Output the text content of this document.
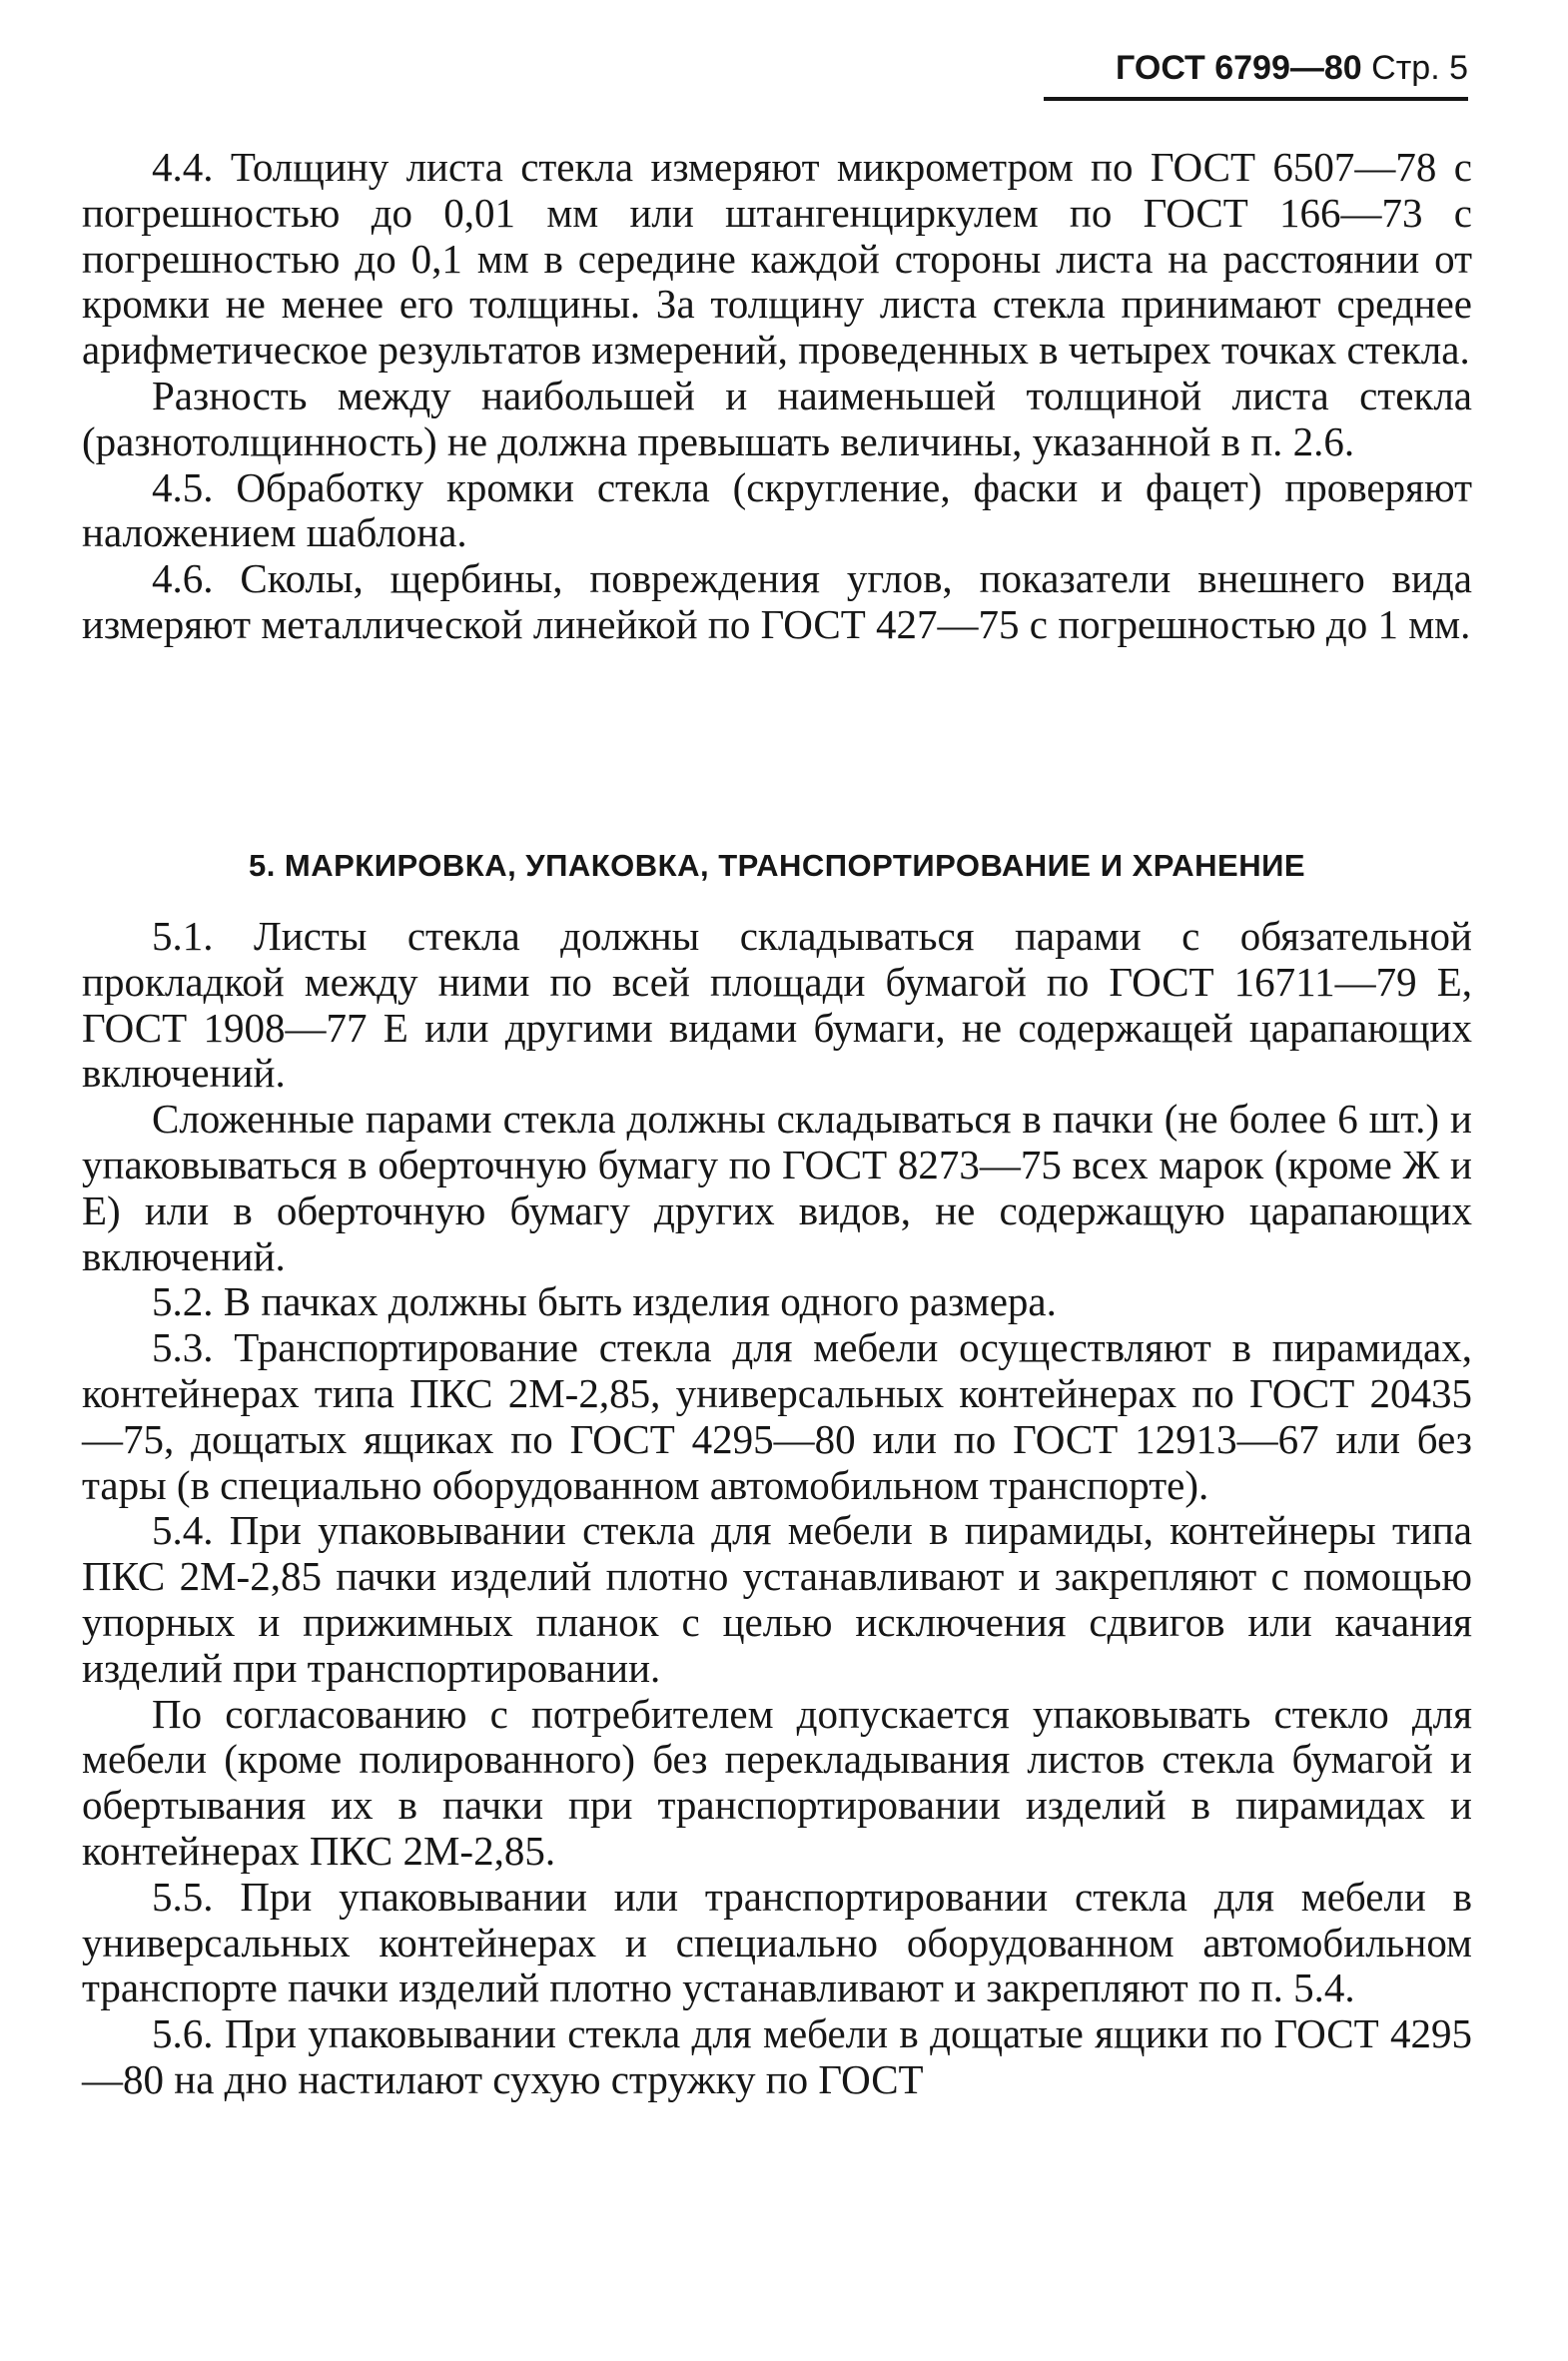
ГОСТ 6799—80 Стр. 5

4.4. Толщину листа стекла измеряют микрометром по ГОСТ 6507—78 с погрешностью до 0,01 мм или штангенциркулем по ГОСТ 166—73 с погрешностью до 0,1 мм в середине каждой стороны листа на расстоянии от кромки не менее его толщины. За толщину листа стекла принимают среднее арифметическое результатов измерений, проведенных в четырех точках стекла.

Разность между наибольшей и наименьшей толщиной листа стекла (разнотолщинность) не должна превышать величины, указанной в п. 2.6.

4.5. Обработку кромки стекла (скругление, фаски и фацет) проверяют наложением шаблона.

4.6. Сколы, щербины, повреждения углов, показатели внешнего вида измеряют металлической линейкой по ГОСТ 427—75 с погрешностью до 1 мм.

5. МАРКИРОВКА, УПАКОВКА, ТРАНСПОРТИРОВАНИЕ И ХРАНЕНИЕ

5.1. Листы стекла должны складываться парами с обязательной прокладкой между ними по всей площади бумагой по ГОСТ 16711—79 Е, ГОСТ 1908—77 Е или другими видами бумаги, не содержащей царапающих включений.

Сложенные парами стекла должны складываться в пачки (не более 6 шт.) и упаковываться в оберточную бумагу по ГОСТ 8273—75 всех марок (кроме Ж и Е) или в оберточную бумагу других видов, не содержащую царапающих включений.

5.2. В пачках должны быть изделия одного размера.

5.3. Транспортирование стекла для мебели осуществляют в пирамидах, контейнерах типа ПКС 2М-2,85, универсальных контейнерах по ГОСТ 20435—75, дощатых ящиках по ГОСТ 4295—80 или по ГОСТ 12913—67 или без тары (в специально оборудованном автомобильном транспорте).

5.4. При упаковывании стекла для мебели в пирамиды, контейнеры типа ПКС 2М-2,85 пачки изделий плотно устанавливают и закрепляют с помощью упорных и прижимных планок с целью исключения сдвигов или качания изделий при транспортировании.

По согласованию с потребителем допускается упаковывать стекло для мебели (кроме полированного) без перекладывания листов стекла бумагой и обертывания их в пачки при транспортировании изделий в пирамидах и контейнерах ПКС 2М-2,85.

5.5. При упаковывании или транспортировании стекла для мебели в универсальных контейнерах и специально оборудованном автомобильном транспорте пачки изделий плотно устанавливают и закрепляют по п. 5.4.

5.6. При упаковывании стекла для мебели в дощатые ящики по ГОСТ 4295—80 на дно настилают сухую стружку по ГОСТ
